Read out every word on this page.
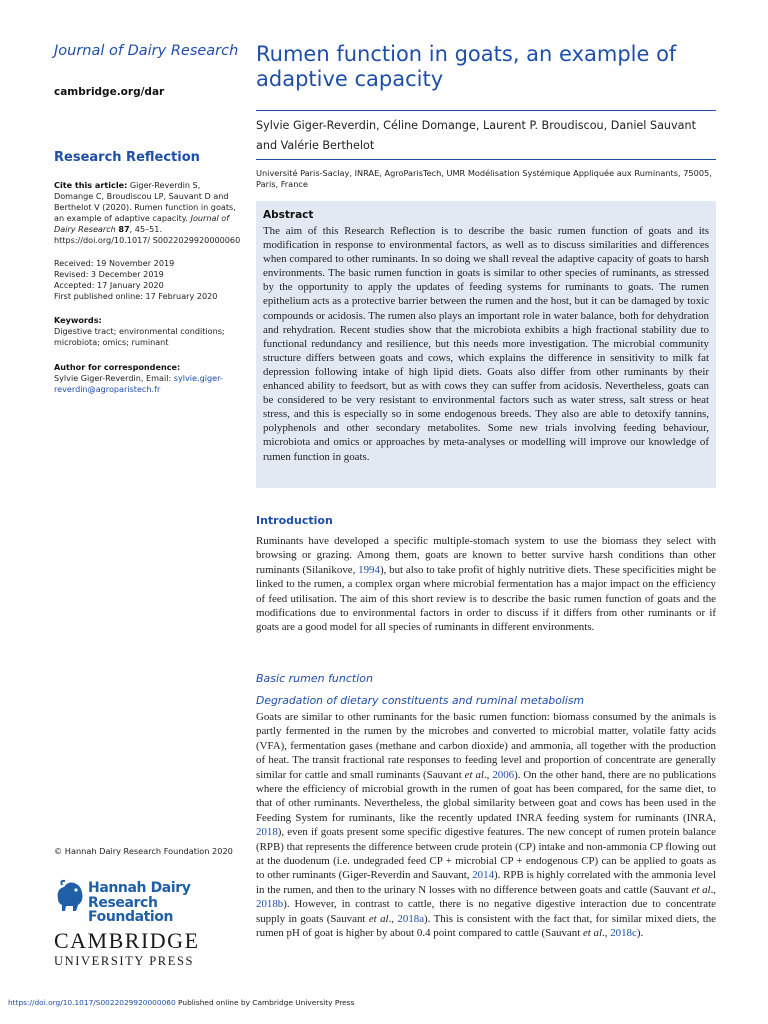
Journal of Dairy Research
cambridge.org/dar
Research Reflection
Cite this article: Giger-Reverdin S, Domange C, Broudiscou LP, Sauvant D and Berthelot V (2020). Rumen function in goats, an example of adaptive capacity. Journal of Dairy Research 87, 45–51. https://doi.org/10.1017/ S0022029920000060
Received: 19 November 2019
Revised: 3 December 2019
Accepted: 17 January 2020
First published online: 17 February 2020
Keywords:
Digestive tract; environmental conditions; microbiota; omics; ruminant
Author for correspondence:
Sylvie Giger-Reverdin, Email: sylvie.giger-reverdin@agroparistech.fr
© Hannah Dairy Research Foundation 2020
Hannah Dairy Research
Foundation
CAMBRIDGE
UNIVERSITY PRESS
Rumen function in goats, an example of adaptive capacity
Sylvie Giger-Reverdin, Céline Domange, Laurent P. Broudiscou, Daniel Sauvant and Valérie Berthelot
Université Paris-Saclay, INRAE, AgroParisTech, UMR Modélisation Systémique Appliquée aux Ruminants, 75005, Paris, France
Abstract
The aim of this Research Reflection is to describe the basic rumen function of goats and its modification in response to environmental factors, as well as to discuss similarities and differences when compared to other ruminants. In so doing we shall reveal the adaptive capacity of goats to harsh environments. The basic rumen function in goats is similar to other species of ruminants, as stressed by the opportunity to apply the updates of feeding systems for ruminants to goats. The rumen epithelium acts as a protective barrier between the rumen and the host, but it can be damaged by toxic compounds or acidosis. The rumen also plays an important role in water balance, both for dehydration and rehydration. Recent studies show that the microbiota exhibits a high fractional stability due to functional redundancy and resilience, but this needs more investigation. The microbial community structure differs between goats and cows, which explains the difference in sensitivity to milk fat depression following intake of high lipid diets. Goats also differ from other ruminants by their enhanced ability to feedsort, but as with cows they can suffer from acidosis. Nevertheless, goats can be considered to be very resistant to environmental factors such as water stress, salt stress or heat stress, and this is especially so in some endogenous breeds. They also are able to detoxify tannins, polyphenols and other secondary metabolites. Some new trials involving feeding behaviour, microbiota and omics or approaches by meta-analyses or modelling will improve our knowledge of rumen function in goats.
Introduction
Ruminants have developed a specific multiple-stomach system to use the biomass they select with browsing or grazing. Among them, goats are known to better survive harsh conditions than other ruminants (Silanikove, 1994), but also to take profit of highly nutritive diets. These specificities might be linked to the rumen, a complex organ where microbial fermentation has a major impact on the efficiency of feed utilisation. The aim of this short review is to describe the basic rumen function of goats and the modifications due to environmental factors in order to discuss if it differs from other ruminants or if goats are a good model for all species of ruminants in different environments.
Basic rumen function
Degradation of dietary constituents and ruminal metabolism
Goats are similar to other ruminants for the basic rumen function: biomass consumed by the animals is partly fermented in the rumen by the microbes and converted to microbial matter, volatile fatty acids (VFA), fermentation gases (methane and carbon dioxide) and ammonia, all together with the production of heat. The transit fractional rate responses to feeding level and proportion of concentrate are generally similar for cattle and small ruminants (Sauvant et al., 2006). On the other hand, there are no publications where the efficiency of microbial growth in the rumen of goat has been compared, for the same diet, to that of other ruminants. Nevertheless, the global similarity between goat and cows has been used in the Feeding System for ruminants, like the recently updated INRA feeding system for ruminants (INRA, 2018), even if goats present some specific digestive features. The new concept of rumen protein balance (RPB) that represents the difference between crude protein (CP) intake and non-ammonia CP flowing out at the duodenum (i.e. undegraded feed CP + microbial CP + endogenous CP) can be applied to goats as to other ruminants (Giger-Reverdin and Sauvant, 2014). RPB is highly correlated with the ammonia level in the rumen, and then to the urinary N losses with no difference between goats and cattle (Sauvant et al., 2018b). However, in contrast to cattle, there is no negative digestive interaction due to concentrate supply in goats (Sauvant et al., 2018a). This is consistent with the fact that, for similar mixed diets, the rumen pH of goat is higher by about 0.4 point compared to cattle (Sauvant et al., 2018c).
https://doi.org/10.1017/S0022029920000060 Published online by Cambridge University Press
